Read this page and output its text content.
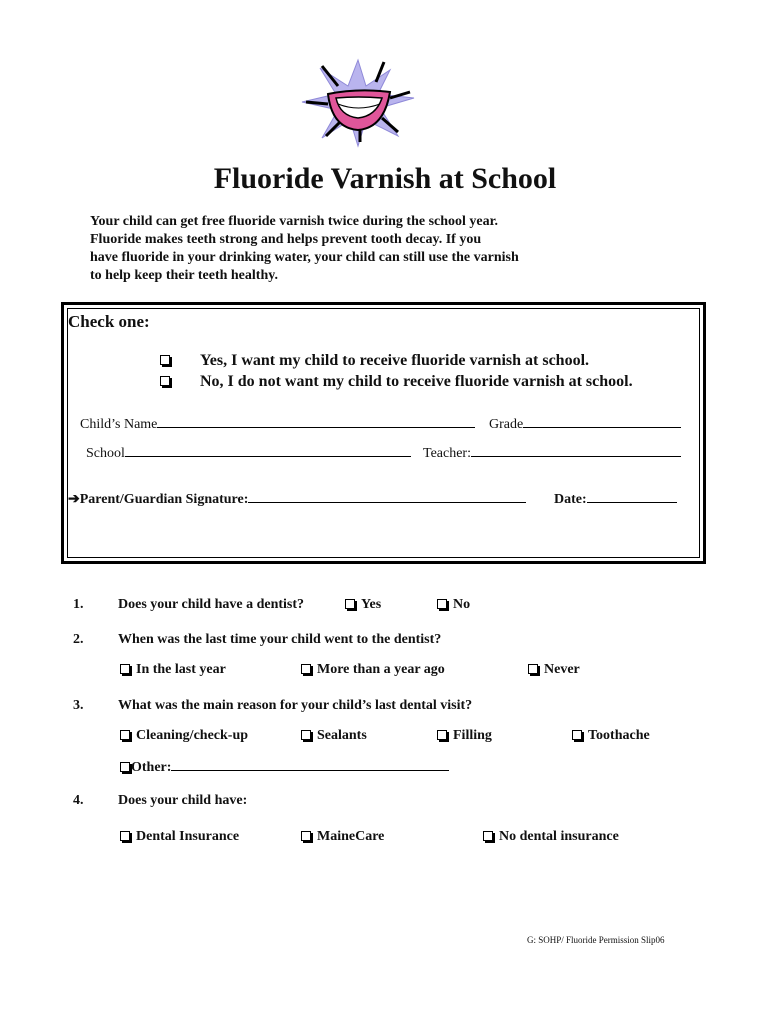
Fluoride Varnish at School
Your child can get free fluoride varnish twice during the school year.
Fluoride makes teeth strong and helps prevent tooth decay. If you
have fluoride in your drinking water, your child can still use the varnish
to help keep their teeth healthy.
Check one:
Yes, I want my child to receive fluoride varnish at school.
No, I do not want my child to receive fluoride varnish at school.
Child’s Name	Grade
School	Teacher:
➔Parent/Guardian Signature:	Date:
1. Does your child have a dentist?	Yes	No
2. When was the last time your child went to the dentist?
In the last year	More than a year ago	Never
3. What was the main reason for your child’s last dental visit?
Cleaning/check-up	Sealants	Filling	Toothache
Other:
4. Does your child have:
Dental Insurance	MaineCare	No dental insurance
G: SOHP/ Fluoride Permission Slip06
